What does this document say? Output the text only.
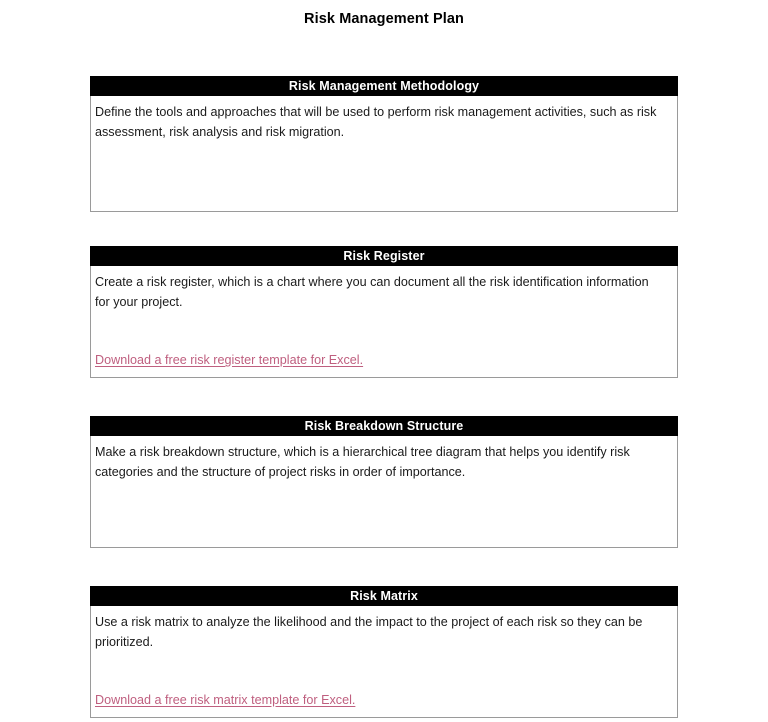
Risk Management Plan
Risk Management Methodology

Define the tools and approaches that will be used to perform risk management activities, such as risk assessment, risk analysis and risk migration.

Risk Register

Create a risk register, which is a chart where you can document all the risk identification information for your project.

Download a free risk register template for Excel.
Risk Breakdown Structure

Make a risk breakdown structure, which is a hierarchical tree diagram that helps you identify risk categories and the structure of project risks in order of importance.

Risk Matrix

Use a risk matrix to analyze the likelihood and the impact to the project of each risk so they can be prioritized.

Download a free risk matrix template for Excel.
